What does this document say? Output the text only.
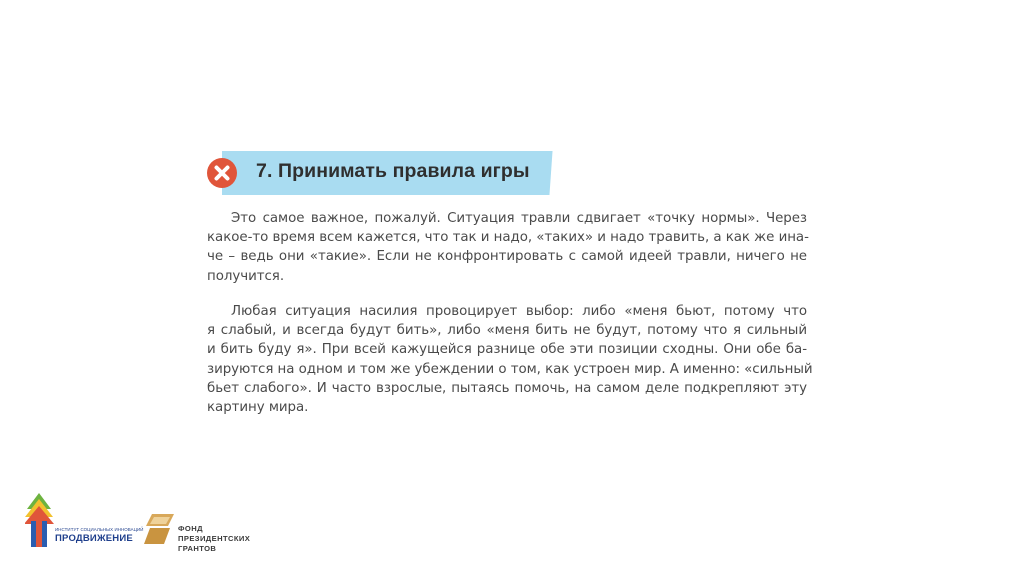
7. Принимать правила игры
Это самое важное, пожалуй. Ситуация травли сдвигает «точку нормы». Через
какое-то время всем кажется, что так и надо, «таких» и надо травить, а как же ина-
че – ведь они «такие». Если не конфронтировать с самой идеей травли, ничего не
получится.
Любая ситуация насилия провоцирует выбор: либо «меня бьют, потому что
я слабый, и всегда будут бить», либо «меня бить не будут, потому что я сильный
и бить буду я». При всей кажущейся разнице обе эти позиции сходны. Они обе ба-
зируются на одном и том же убеждении о том, как устроен мир. А именно: «сильный
бьет слабого». И часто взрослые, пытаясь помочь, на самом деле подкрепляют эту
картину мира.
ИНСТИТУТ СОЦИАЛЬНЫХ ИННОВАЦИЙ
ПРОДВИЖЕНИЕ
ФОНД
ПРЕЗИДЕНТСКИХ
ГРАНТОВ
